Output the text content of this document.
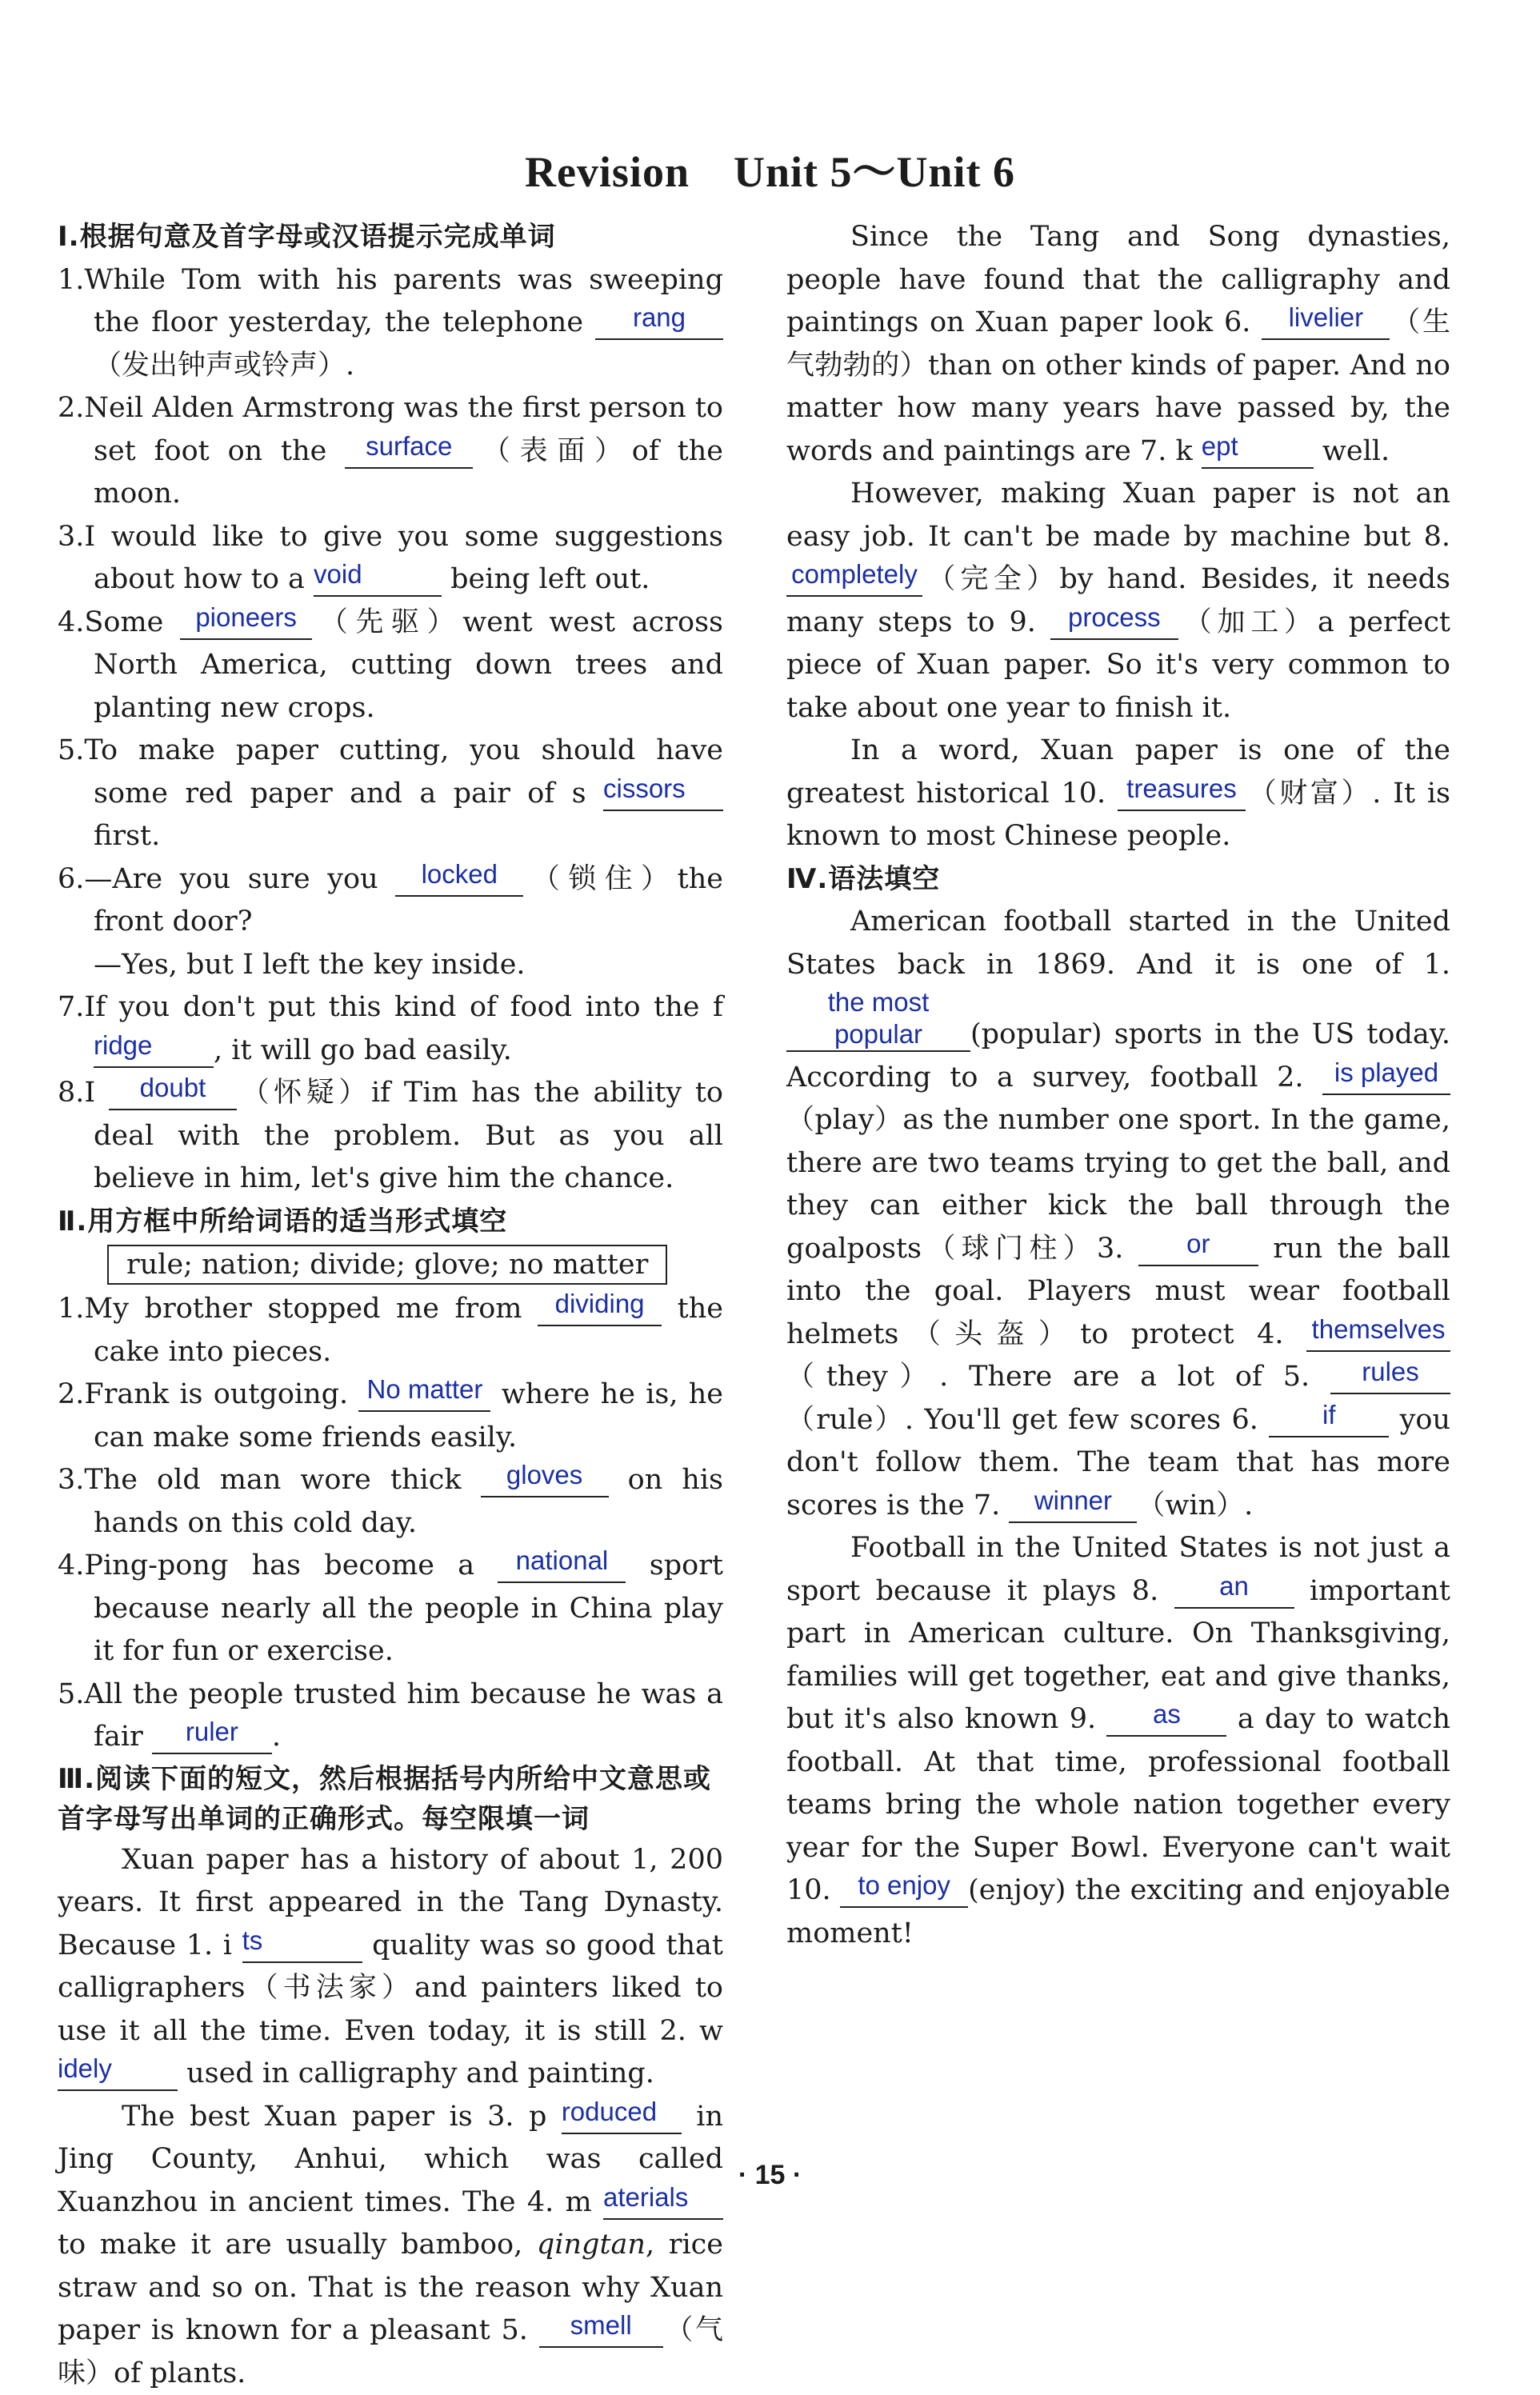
Revision　Unit 5～Unit 6
Ⅰ.根据句意及首字母或汉语提示完成单词
1.While Tom with his parents was sweeping the floor yesterday, the telephone rang（发出钟声或铃声）.
2.Neil Alden Armstrong was the first person to set foot on the surface （表面）of the moon.
3.I would like to give you some suggestions about how to a void	being left out.
4.Some pioneers （先驱）went west across North America, cutting down trees and planting new crops.
5.To make paper cutting, you should have some red paper and a pair of s cissors first.
6.—Are you sure you locked （锁住）the front door?
—Yes, but I left the key inside.
7.If you don't put this kind of food into the f ridge , it will go bad easily.
8.I doubt （怀疑）if Tim has the ability to deal with the problem. But as you all believe in him, let's give him the chance.
Ⅱ.用方框中所给词语的适当形式填空
rule; nation; divide; glove; no matter
1.My brother stopped me from dividing the cake into pieces.
2.Frank is outgoing. No matter where he is, he can make some friends easily.
3.The old man wore thick gloves on his hands on this cold day.
4.Ping-pong has become a national sport because nearly all the people in China play it for fun or exercise.
5.All the people trusted him because he was a fair ruler .
Ⅲ.阅读下面的短文，然后根据括号内所给中文意思或首字母写出单词的正确形式。每空限填一词
Xuan paper has a history of about 1, 200 years. It first appeared in the Tang Dynasty. Because 1. i ts	quality was so good that calligraphers（书法家）and painters liked to use it all the time. Even today, it is still 2. w idely used in calligraphy and painting.
The best Xuan paper is 3. p roduced in Jing County, Anhui, which was called Xuanzhou in ancient times. The 4. m aterials to make it are usually bamboo, qingtan, rice straw and so on. That is the reason why Xuan paper is known for a pleasant 5. smell （气味）of plants.
Since the Tang and Song dynasties, people have found that the calligraphy and paintings on Xuan paper look 6. livelier （生气勃勃的）than on other kinds of paper. And no matter how many years have passed by, the words and paintings are 7. k ept	well.
However, making Xuan paper is not an easy job. It can't be made by machine but 8. completely （完全）by hand. Besides, it needs many steps to 9. process （加工）a perfect piece of Xuan paper. So it's very common to take about one year to finish it.
In a word, Xuan paper is one of the greatest historical 10. treasures （财富）. It is known to most Chinese people.
Ⅳ.语法填空
American football started in the United States back in 1869. And it is one of 1.the most popular (popular) sports in the US today. According to a survey, football 2. is played（play）as the number one sport. In the game, there are two teams trying to get the ball, and they can either kick the ball through the goalposts（球门柱）3. or run the ball into the goal. Players must wear football helmets（头盔）to protect 4. themselves（they）. There are a lot of 5. rules（rule）. You'll get few scores 6. if you don't follow them. The team that has more scores is the 7. winner （win）.
Football in the United States is not just a sport because it plays 8. an important part in American culture. On Thanksgiving, families will get together, eat and give thanks, but it's also known 9. as a day to watch football. At that time, professional football teams bring the whole nation together every year for the Super Bowl. Everyone can't wait 10. to enjoy (enjoy) the exciting and enjoyable moment!
· 15 ·
